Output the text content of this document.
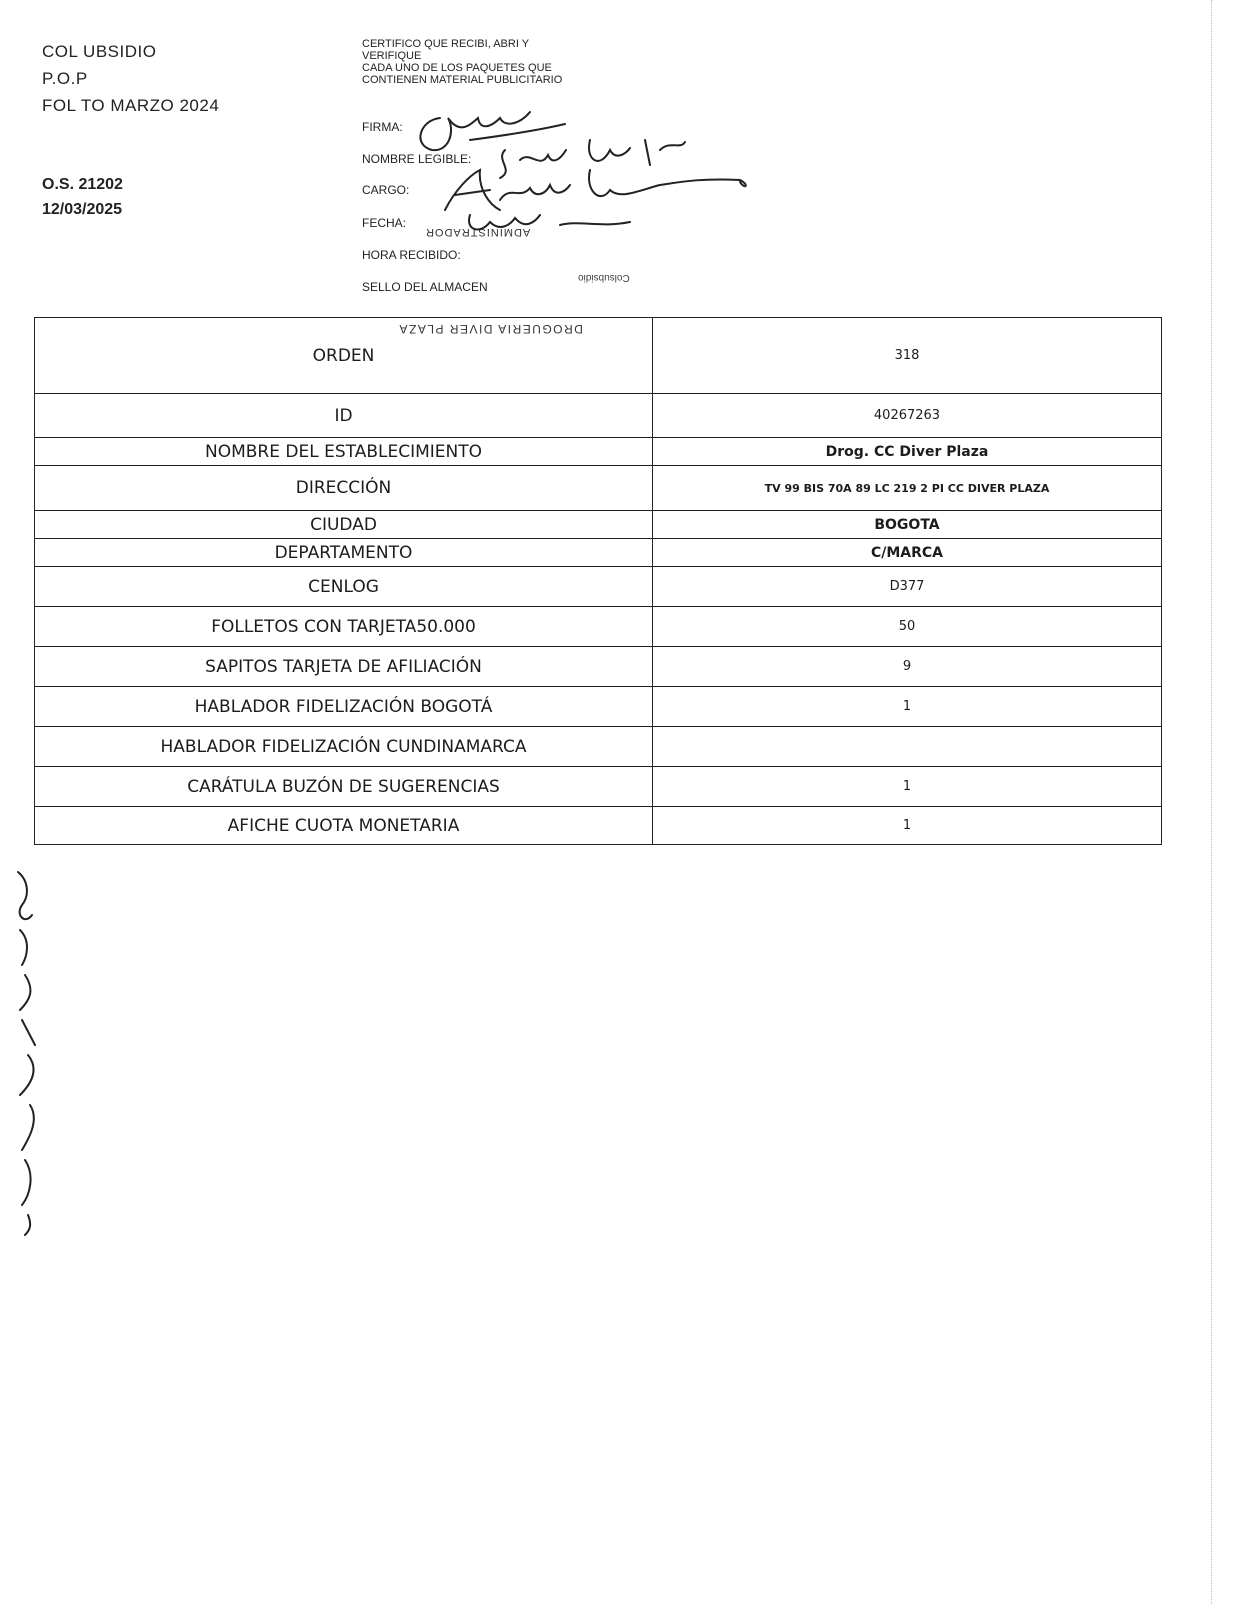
COL UBSIDIO
P.O.P
FOL TO MARZO 2024
O.S. 21202
12/03/2025
CERTIFICO QUE RECIBI, ABRI Y
VERIFIQUE
CADA UNO DE LOS PAQUETES QUE
CONTIENEN MATERIAL PUBLICITARIO
FIRMA:
NOMBRE LEGIBLE:
CARGO:
FECHA:
ADMINISTRADOR
HORA RECIBIDO:
SELLO DEL ALMACEN
Colsubsidio
DROGUERIA DIVER PLAZA
ORDEN	318
ID	40267263
NOMBRE DEL ESTABLECIMIENTO	Drog. CC Diver Plaza
DIRECCIÓN	TV 99 BIS 70A 89 LC 219 2 PI CC DIVER PLAZA
CIUDAD	BOGOTA
DEPARTAMENTO	C/MARCA
CENLOG	D377
FOLLETOS CON TARJETA50.000	50
SAPITOS TARJETA DE AFILIACIÓN	9
HABLADOR FIDELIZACIÓN BOGOTÁ	1
HABLADOR FIDELIZACIÓN CUNDINAMARCA	
CARÁTULA BUZÓN DE SUGERENCIAS	1
AFICHE CUOTA MONETARIA	1
